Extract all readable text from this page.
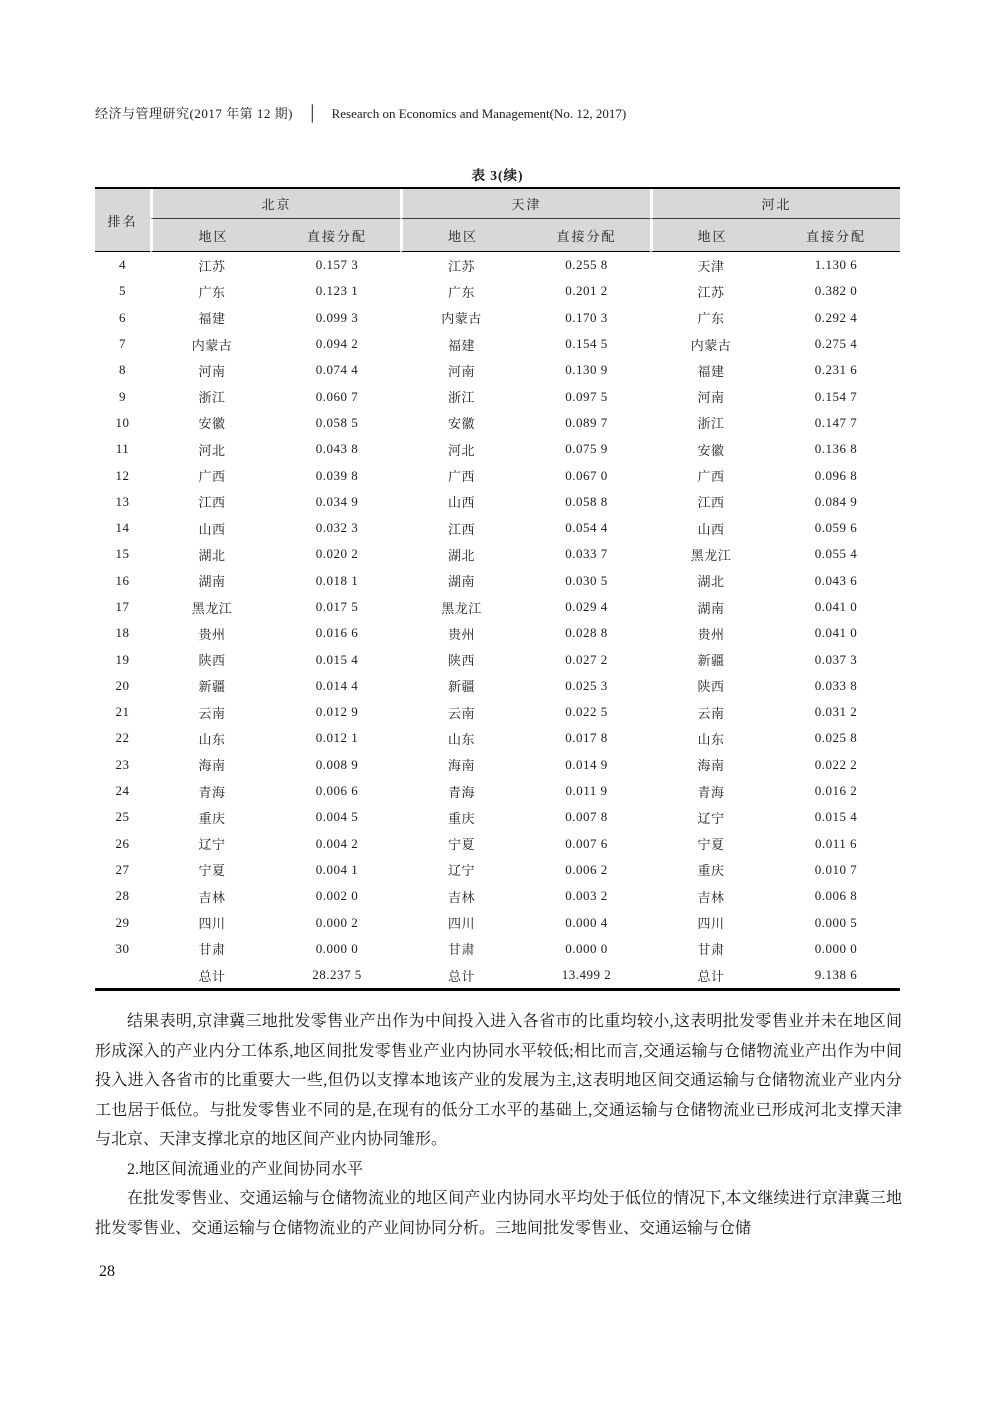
经济与管理研究(2017 年第 12 期) │ Research on Economics and Management(No. 12, 2017)
表 3(续)
排名	北京		天津		河北	
	地区	直接分配	地区	直接分配	地区	直接分配
4	江苏	0.157 3	江苏	0.255 8	天津	1.130 6
5	广东	0.123 1	广东	0.201 2	江苏	0.382 0
6	福建	0.099 3	内蒙古	0.170 3	广东	0.292 4
7	内蒙古	0.094 2	福建	0.154 5	内蒙古	0.275 4
8	河南	0.074 4	河南	0.130 9	福建	0.231 6
9	浙江	0.060 7	浙江	0.097 5	河南	0.154 7
10	安徽	0.058 5	安徽	0.089 7	浙江	0.147 7
11	河北	0.043 8	河北	0.075 9	安徽	0.136 8
12	广西	0.039 8	广西	0.067 0	广西	0.096 8
13	江西	0.034 9	山西	0.058 8	江西	0.084 9
14	山西	0.032 3	江西	0.054 4	山西	0.059 6
15	湖北	0.020 2	湖北	0.033 7	黑龙江	0.055 4
16	湖南	0.018 1	湖南	0.030 5	湖北	0.043 6
17	黑龙江	0.017 5	黑龙江	0.029 4	湖南	0.041 0
18	贵州	0.016 6	贵州	0.028 8	贵州	0.041 0
19	陕西	0.015 4	陕西	0.027 2	新疆	0.037 3
20	新疆	0.014 4	新疆	0.025 3	陕西	0.033 8
21	云南	0.012 9	云南	0.022 5	云南	0.031 2
22	山东	0.012 1	山东	0.017 8	山东	0.025 8
23	海南	0.008 9	海南	0.014 9	海南	0.022 2
24	青海	0.006 6	青海	0.011 9	青海	0.016 2
25	重庆	0.004 5	重庆	0.007 8	辽宁	0.015 4
26	辽宁	0.004 2	宁夏	0.007 6	宁夏	0.011 6
27	宁夏	0.004 1	辽宁	0.006 2	重庆	0.010 7
28	吉林	0.002 0	吉林	0.003 2	吉林	0.006 8
29	四川	0.000 2	四川	0.000 4	四川	0.000 5
30	甘肃	0.000 0	甘肃	0.000 0	甘肃	0.000 0
	总计	28.237 5	总计	13.499 2	总计	9.138 6

结果表明,京津冀三地批发零售业产出作为中间投入进入各省市的比重均较小,这表明批发零售业并未在地区间形成深入的产业内分工体系,地区间批发零售业产业内协同水平较低;相比而言,交通运输与仓储物流业产出作为中间投入进入各省市的比重要大一些,但仍以支撑本地该产业的发展为主,这表明地区间交通运输与仓储物流业产业内分工也居于低位。与批发零售业不同的是,在现有的低分工水平的基础上,交通运输与仓储物流业已形成河北支撑天津与北京、天津支撑北京的地区间产业内协同雏形。

2.地区间流通业的产业间协同水平

在批发零售业、交通运输与仓储物流业的地区间产业内协同水平均处于低位的情况下,本文继续进行京津冀三地批发零售业、交通运输与仓储物流业的产业间协同分析。三地间批发零售业、交通运输与仓储

28
